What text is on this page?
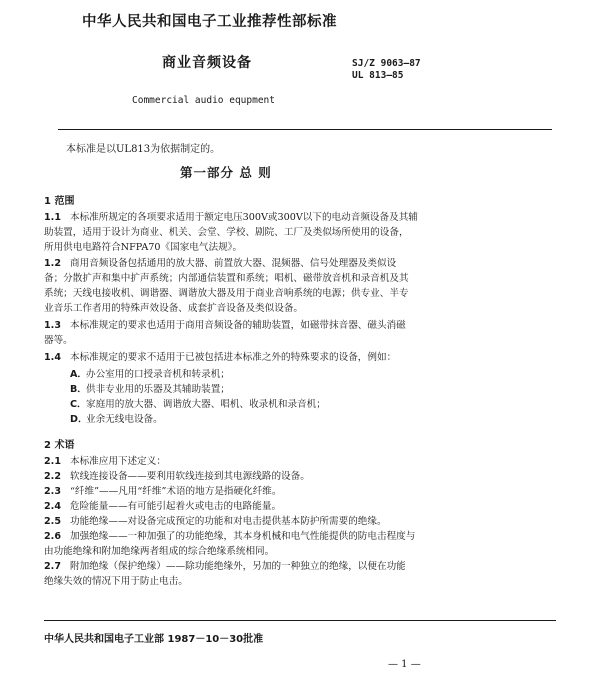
中华人民共和国电子工业推荐性部标准
商业音频设备	SJ/Z 9063—87
UL 813—85
Commercial audio equpment
本标准是以UL813为依据制定的。
第一部分 总 则
1 范围
1.1 本标准所规定的各项要求适用于额定电压300V或300V以下的电动音频设备及其辅
助装置，适用于设计为商业、机关、会堂、学校、剧院、工厂及类似场所使用的设备，
所用供电电路符合NFPA70《国家电气法规》。
1.2 商用音频设备包括通用的放大器、前置放大器、混频器、信号处理器及类似设
备；分散扩声和集中扩声系统；内部通信装置和系统；唱机、磁带放音机和录音机及其
系统；天线电接收机、调谐器、调谐放大器及用于商业音响系统的电源；供专业、半专
业音乐工作者用的特殊声效设备、成套扩音设备及类似设备。
1.3 本标准规定的要求也适用于商用音频设备的辅助装置，如磁带抹音器、磁头消磁
器等。
1.4 本标准规定的要求不适用于已被包括进本标准之外的特殊要求的设备，例如：
A．办公室用的口授录音机和转录机；
B．供非专业用的乐器及其辅助装置；
C．家庭用的放大器、调谐放大器、唱机、收录机和录音机；
D．业余无线电设备。
2 术语
2.1 本标准应用下述定义：
2.2 软线连接设备——要利用软线连接到其电源线路的设备。
2.3 “纤维”——凡用“纤维”术语的地方是指硬化纤维。
2.4 危险能量——有可能引起着火或电击的电路能量。
2.5 功能绝缘——对设备完成预定的功能和对电击提供基本防护所需要的绝缘。
2.6 加强绝缘——一种加强了的功能绝缘，其本身机械和电气性能提供的防电击程度与
由功能绝缘和附加绝缘两者组成的综合绝缘系统相同。
2.7 附加绝缘（保护绝缘）——除功能绝缘外，另加的一种独立的绝缘，以便在功能
绝缘失效的情况下用于防止电击。
中华人民共和国电子工业部 1987－10－30批准
— 1 —
